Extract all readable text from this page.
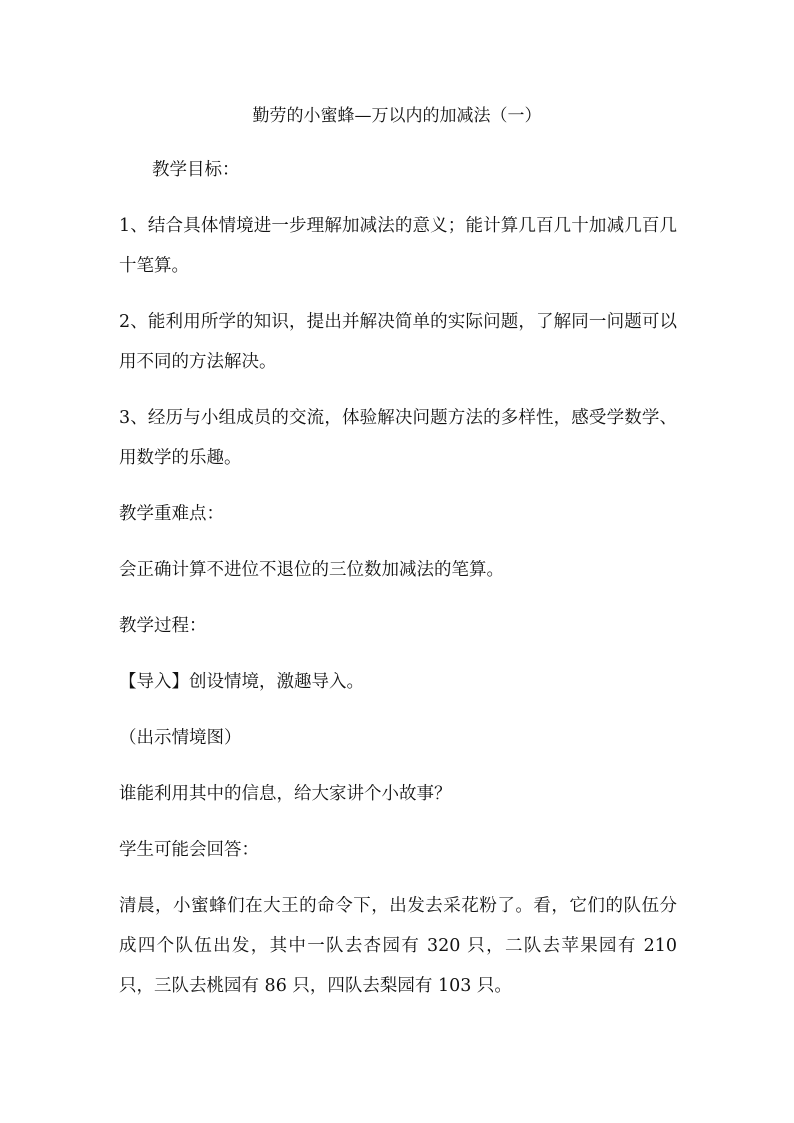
勤劳的小蜜蜂—万以内的加减法（一）

教学目标：

1、结合具体情境进一步理解加减法的意义；能计算几百几十加减几百几十笔算。

2、能利用所学的知识，提出并解决简单的实际问题，了解同一问题可以用不同的方法解决。

3、经历与小组成员的交流，体验解决问题方法的多样性，感受学数学、用数学的乐趣。

教学重难点：

会正确计算不进位不退位的三位数加减法的笔算。

教学过程：

【导入】创设情境，激趣导入。

（出示情境图）

谁能利用其中的信息，给大家讲个小故事？

学生可能会回答：

清晨，小蜜蜂们在大王的命令下，出发去采花粉了。看，它们的队伍分成四个队伍出发，其中一队去杏园有 320 只，二队去苹果园有 210 只，三队去桃园有 86 只，四队去梨园有 103 只。
